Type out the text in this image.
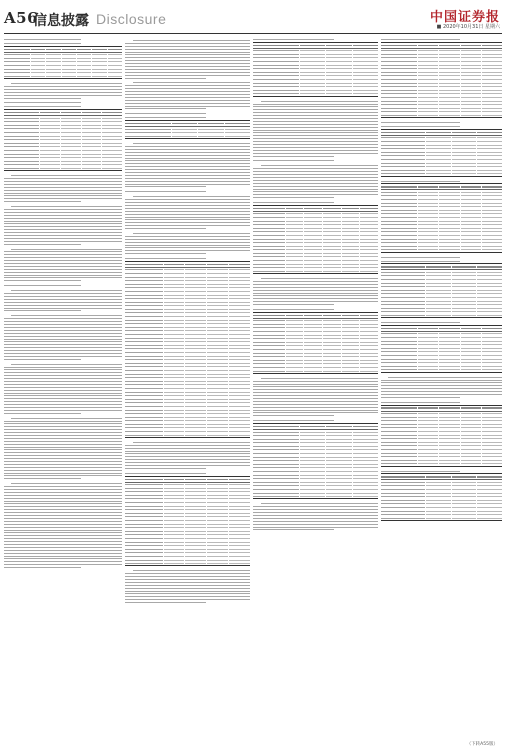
A56
信息披露 Disclosure	中国证券报
■ 2020年10月31日 星期六
（下转A55版）
